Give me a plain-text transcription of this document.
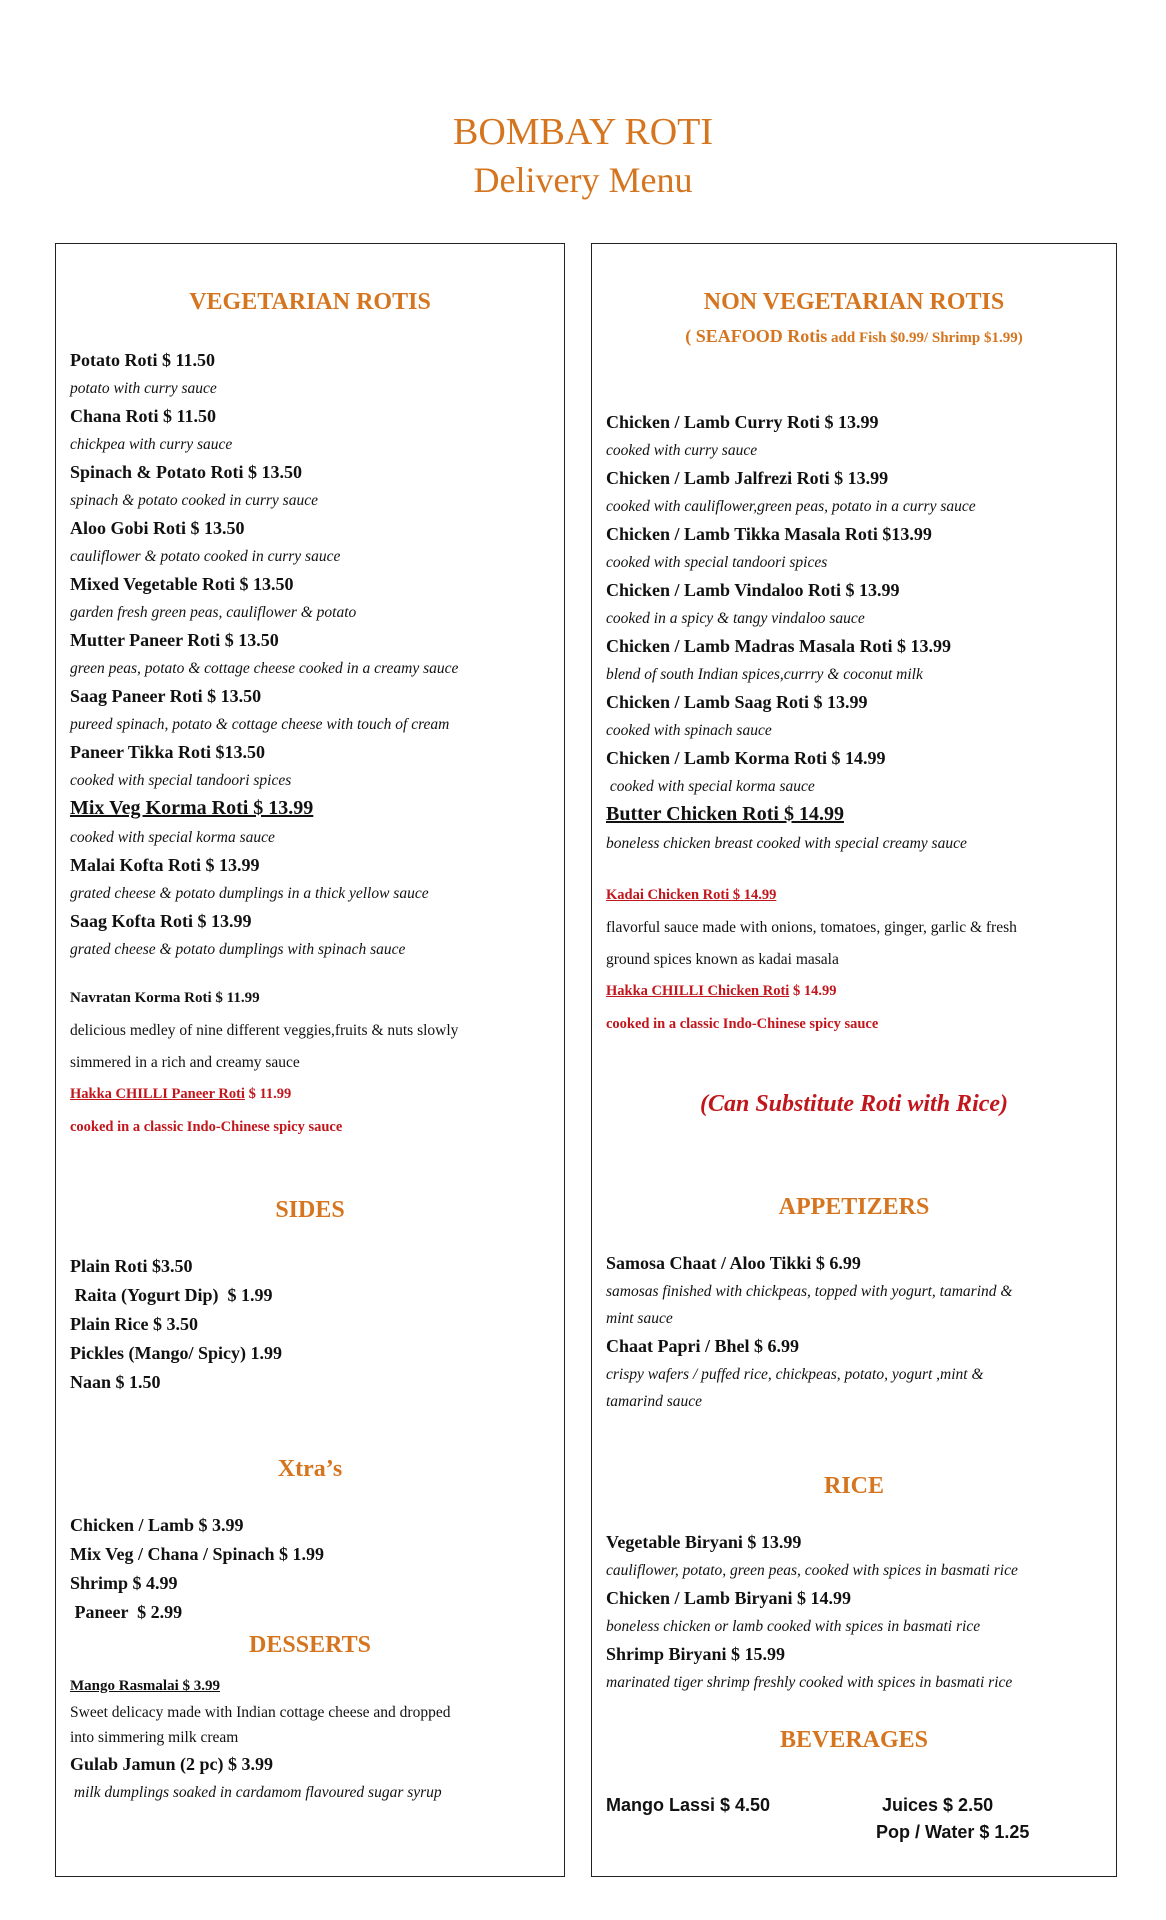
BOMBAY ROTI
Delivery Menu
VEGETARIAN ROTIS
Potato Roti $ 11.50
potato with curry sauce
Chana Roti $ 11.50
chickpea with curry sauce
Spinach & Potato Roti $ 13.50
spinach & potato cooked in curry sauce
Aloo Gobi Roti $ 13.50
cauliflower & potato cooked in curry sauce
Mixed Vegetable Roti $ 13.50
garden fresh green peas, cauliflower & potato
Mutter Paneer Roti $ 13.50
green peas, potato & cottage cheese cooked in a creamy sauce
Saag Paneer Roti $ 13.50
pureed spinach, potato & cottage cheese with touch of cream
Paneer Tikka Roti $13.50
cooked with special tandoori spices
Mix Veg Korma Roti $ 13.99
cooked with special korma sauce
Malai Kofta Roti $ 13.99
grated cheese & potato dumplings in a thick yellow sauce
Saag Kofta Roti $ 13.99
grated cheese & potato dumplings with spinach sauce
Navratan Korma Roti $ 11.99
delicious medley of nine different veggies,fruits & nuts slowly
simmered in a rich and creamy sauce
Hakka CHILLI Paneer Roti $ 11.99
cooked in a classic Indo-Chinese spicy sauce
SIDES
Plain Roti $3.50
Raita (Yogurt Dip)  $ 1.99
Plain Rice $ 3.50
Pickles (Mango/ Spicy) 1.99
Naan $ 1.50
Xtra’s
Chicken / Lamb $ 3.99
Mix Veg / Chana / Spinach $ 1.99
Shrimp $ 4.99
Paneer  $ 2.99
DESSERTS
Mango Rasmalai $ 3.99
Sweet delicacy made with Indian cottage cheese and dropped
into simmering milk cream
Gulab Jamun (2 pc) $ 3.99
milk dumplings soaked in cardamom flavoured sugar syrup
NON VEGETARIAN ROTIS
( SEAFOOD Rotis add Fish $0.99/ Shrimp $1.99)
Chicken / Lamb Curry Roti $ 13.99
cooked with curry sauce
Chicken / Lamb Jalfrezi Roti $ 13.99
cooked with cauliflower,green peas, potato in a curry sauce
Chicken / Lamb Tikka Masala Roti $13.99
cooked with special tandoori spices
Chicken / Lamb Vindaloo Roti $ 13.99
cooked in a spicy & tangy vindaloo sauce
Chicken / Lamb Madras Masala Roti $ 13.99
blend of south Indian spices,currry & coconut milk
Chicken / Lamb Saag Roti $ 13.99
cooked with spinach sauce
Chicken / Lamb Korma Roti $ 14.99
cooked with special korma sauce
Butter Chicken Roti $ 14.99
boneless chicken breast cooked with special creamy sauce
Kadai Chicken Roti $ 14.99
flavorful sauce made with onions, tomatoes, ginger, garlic & fresh
ground spices known as kadai masala
Hakka CHILLI Chicken Roti $ 14.99
cooked in a classic Indo-Chinese spicy sauce
(Can Substitute Roti with Rice)
APPETIZERS
Samosa Chaat / Aloo Tikki $ 6.99
samosas finished with chickpeas, topped with yogurt, tamarind &
mint sauce
Chaat Papri / Bhel $ 6.99
crispy wafers / puffed rice, chickpeas, potato, yogurt ,mint &
tamarind sauce
RICE
Vegetable Biryani $ 13.99
cauliflower, potato, green peas, cooked with spices in basmati rice
Chicken / Lamb Biryani $ 14.99
boneless chicken or lamb cooked with spices in basmati rice
Shrimp Biryani $ 15.99
marinated tiger shrimp freshly cooked with spices in basmati rice
BEVERAGES
Mango Lassi $ 4.50	Juices $ 2.50
Pop / Water $ 1.25
